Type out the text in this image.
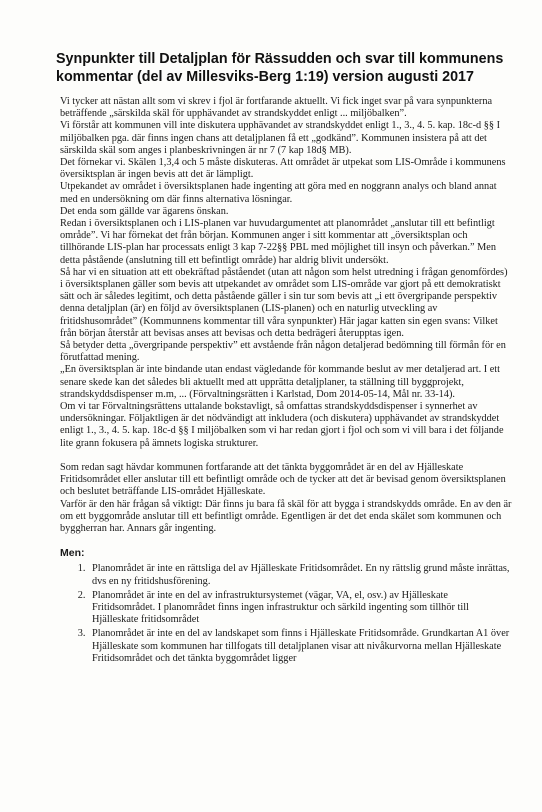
Synpunkter till Detaljplan för Rässudden och svar till kommunens kommentar (del av Millesviks-Berg 1:19) version augusti 2017

Vi tycker att nästan allt som vi skrev i fjol är fortfarande aktuellt. Vi fick inget svar på vara synpunkterna beträffende „särskilda skäl för upphävandet av strandskyddet enligt ... miljöbalken”.

Vi förstår att kommunen vill inte diskutera upphävandet av strandskyddet enligt 1., 3., 4. 5. kap. 18c-d §§ I miljöbalken pga. där finns ingen chans att detaljplanen få ett „godkänd”. Kommunen insistera på att det särskilda skäl som anges i planbeskrivningen är nr 7 (7 kap 18d§ MB).

Det förnekar vi. Skälen 1,3,4 och 5 måste diskuteras. Att området är utpekat som LIS-Område i kommunens översiktsplan är ingen bevis att det är lämpligt.

Utpekandet av området i översiktsplanen hade ingenting att göra med en noggrann analys och bland annat med en undersökning om där finns alternativa lösningar.

Det enda som gällde var ägarens önskan.

Redan i översiktsplanen och i LIS-planen var huvudargumentet att planområdet „anslutar till ett befintligt område”. Vi har förnekat det från början. Kommunen anger i sitt kommentar att „översiktsplan och tillhörande LIS-plan har processats enligt 3 kap 7-22§§ PBL med möjlighet till insyn och påverkan.” Men detta påstående (anslutning till ett befintligt område) har aldrig blivit undersökt.

Så har vi en situation att ett obekräftad påståendet (utan att någon som helst utredning i frågan genomfördes) i översiktsplanen gäller som bevis att utpekandet av området som LIS-område var gjort på ett demokratiskt sätt och är således legitimt, och detta påstående gäller i sin tur som bevis att „i ett övergripande perspektiv denna detaljplan (är) en följd av översiktsplanen (LIS-planen) och en naturlig utveckling av fritidshusområdet” (Kommunnens kommentar till våra synpunkter) Här jagar katten sin egen svans: Vilket från början återstår att bevisas anses att bevisas och detta bedrägeri återupptas igen.

Så betyder detta „övergripande perspektiv” ett avstående från någon detaljerad bedömning till förmån för en förutfattad mening.

„En översiktsplan är inte bindande utan endast vägledande för kommande beslut av mer detaljerad art. I ett senare skede kan det således bli aktuellt med att upprätta detaljplaner, ta ställning till byggprojekt, strandskyddsdispenser m.m, ... (Förvaltningsrätten i Karlstad, Dom 2014-05-14, Mål nr. 33-14).

Om vi tar Förvaltningsrättens uttalande bokstavligt, så omfattas strandskyddsdispenser i synnerhet av undersökningar. Följaktligen är det nödvändigt att inkludera (och diskutera) upphävandet av strandskyddet enligt 1., 3., 4. 5. kap. 18c-d §§ I miljöbalken som vi har redan gjort i fjol och som vi vill bara i det följande lite grann fokusera på ämnets logiska strukturer.

Som redan sagt hävdar kommunen fortfarande att det tänkta byggområdet är en del av Hjälleskate Fritidsområdet eller anslutar till ett befintligt område och de tycker att det är bevisad genom översiktsplanen och beslutet beträffande LIS-området Hjälleskate.

Varför är den här frågan så viktigt: Där finns ju bara få skäl för att bygga i strandskydds område. En av den är om ett byggområde anslutar till ett befintligt område. Egentligen är det det enda skälet som kommunen och byggherran har. Annars går ingenting.

Men:
1. Planområdet är inte en rättsliga del av Hjälleskate Fritidsområdet. En ny rättslig grund måste inrättas, dvs en ny fritidshusförening.
2. Planområdet är inte en del av infrastruktursystemet (vägar, VA, el, osv.) av Hjälleskate Fritidsområdet. I planområdet finns ingen infrastruktur och särkild ingenting som tillhör till Hjälleskate fritidsområdet
3. Planområdet är inte en del av landskapet som finns i Hjälleskate Fritidsområde. Grundkartan A1 över Hjälleskate som kommunen har tillfogats till detaljplanen visar att nivåkurvorna mellan Hjälleskate Fritidsområdet och det tänkta byggområdet ligger
